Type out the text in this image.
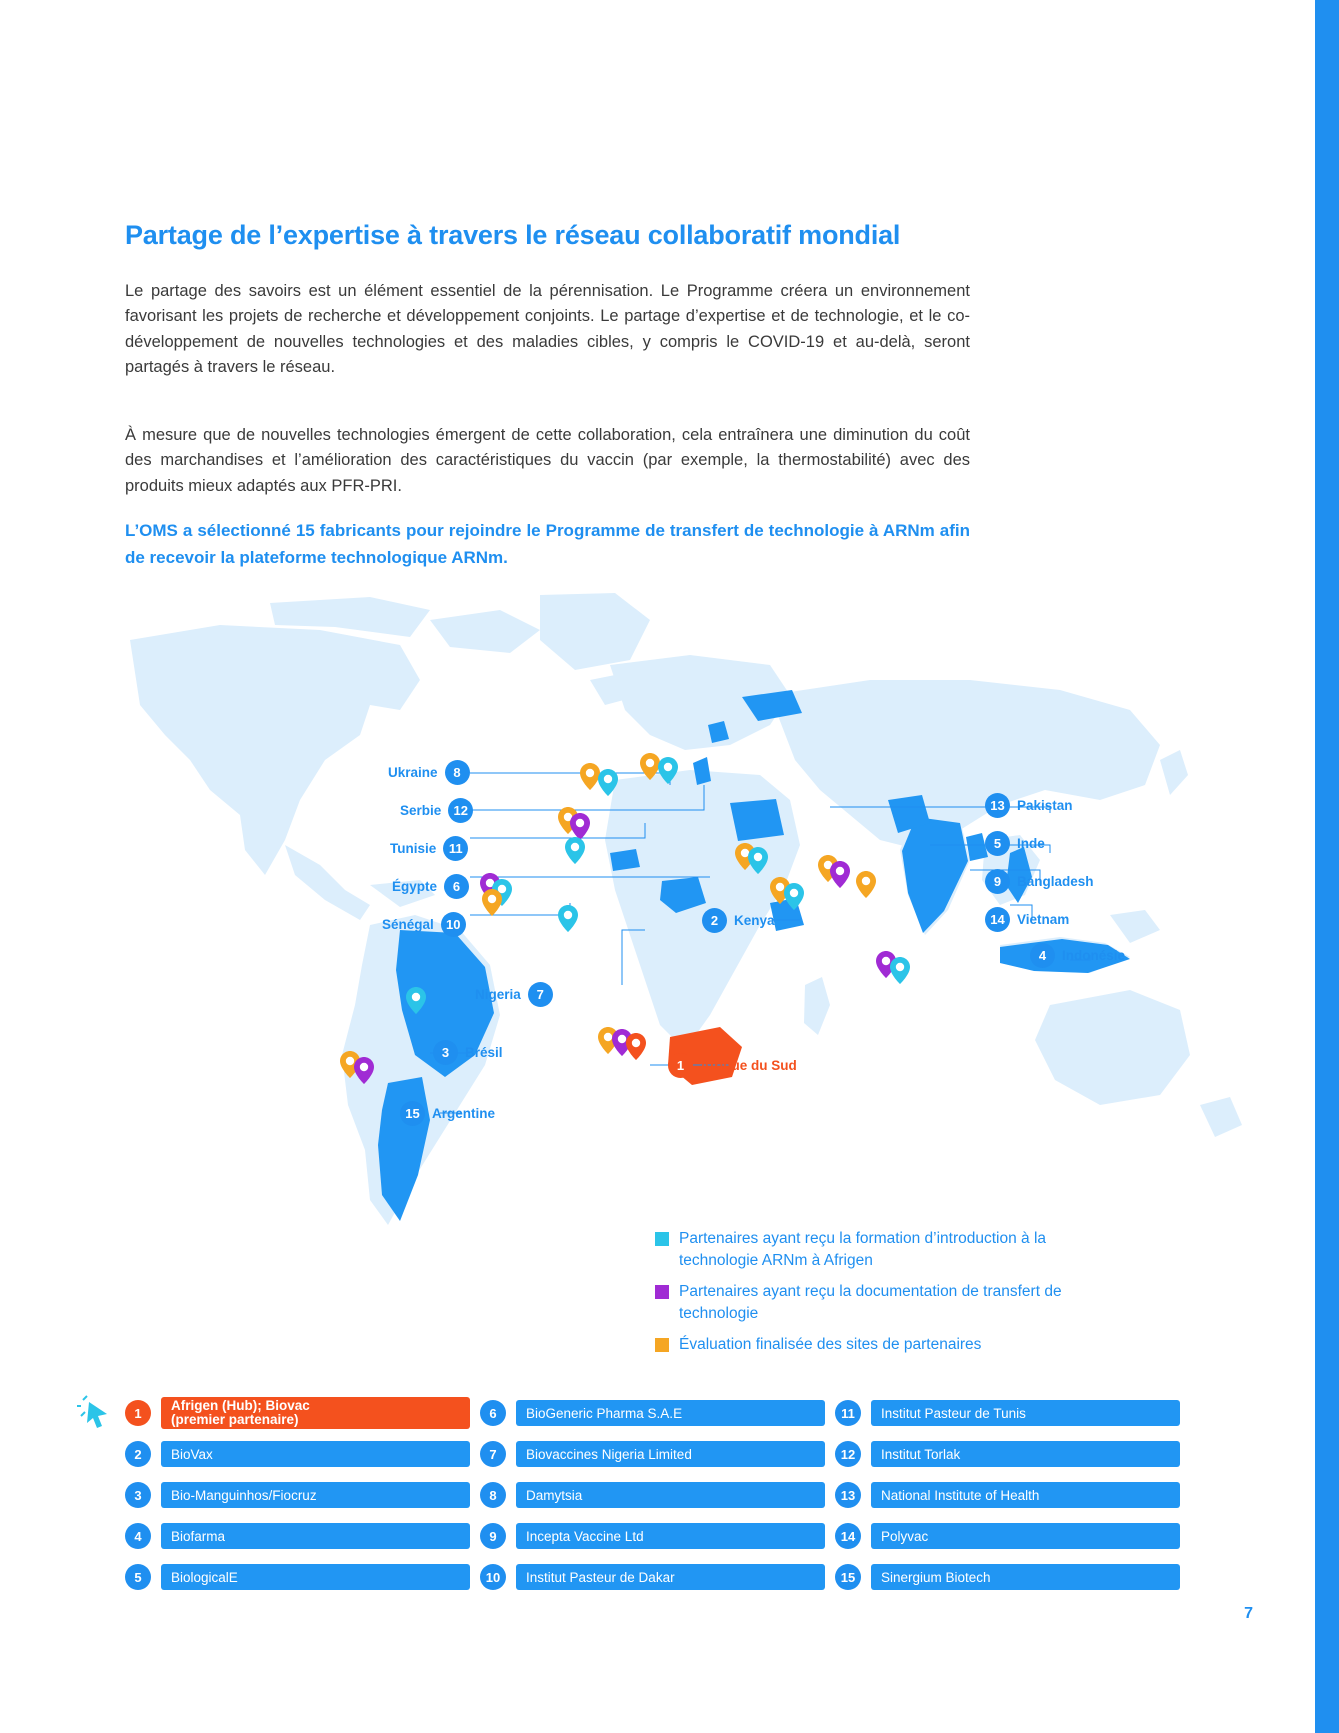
Partage de l’expertise à travers le réseau collaboratif mondial

Le partage des savoirs est un élément essentiel de la pérennisation. Le Programme créera un environnement favorisant les projets de recherche et développement conjoints. Le partage d’expertise et de technologie, et le co-développement de nouvelles technologies et des maladies cibles, y compris le COVID-19 et au-delà, seront partagés à travers le réseau.

À mesure que de nouvelles technologies émergent de cette collaboration, cela entraînera une diminution du coût des marchandises et l’amélioration des caractéristiques du vaccin (par exemple, la thermostabilité) avec des produits mieux adaptés aux PFR-PRI.

L’OMS a sélectionné 15 fabricants pour rejoindre le Programme de transfert de technologie à ARNm afin de recevoir la plateforme technologique ARNm.

Ukraine	8
Serbie 12
Tunisie 11
Égypte	6
Sénégal 10
Nigeria	7
3	Brésil
15 Argentine
1	Afrique du Sud
2	Kenya
13 Pakistan
5	Inde
9	Bangladesh
14 Vietnam
4	Indonésie
Partenaires ayant reçu la formation d’introduction à la technologie ARNm à Afrigen
Partenaires ayant reçu la documentation de transfert de technologie
Évaluation finalisée des sites de partenaires
1	Afrigen (Hub); Biovac
(premier partenaire)
2	BioVax
3	Bio-Manguinhos/Fiocruz
4	Biofarma
5	BiologicalE
6	BioGeneric Pharma S.A.E
7	Biovaccines Nigeria Limited
8	Damytsia
9	Incepta Vaccine Ltd
10	Institut Pasteur de Dakar
11	Institut Pasteur de Tunis
12	Institut Torlak
13	National Institute of Health
14	Polyvac
15	Sinergium Biotech
7
